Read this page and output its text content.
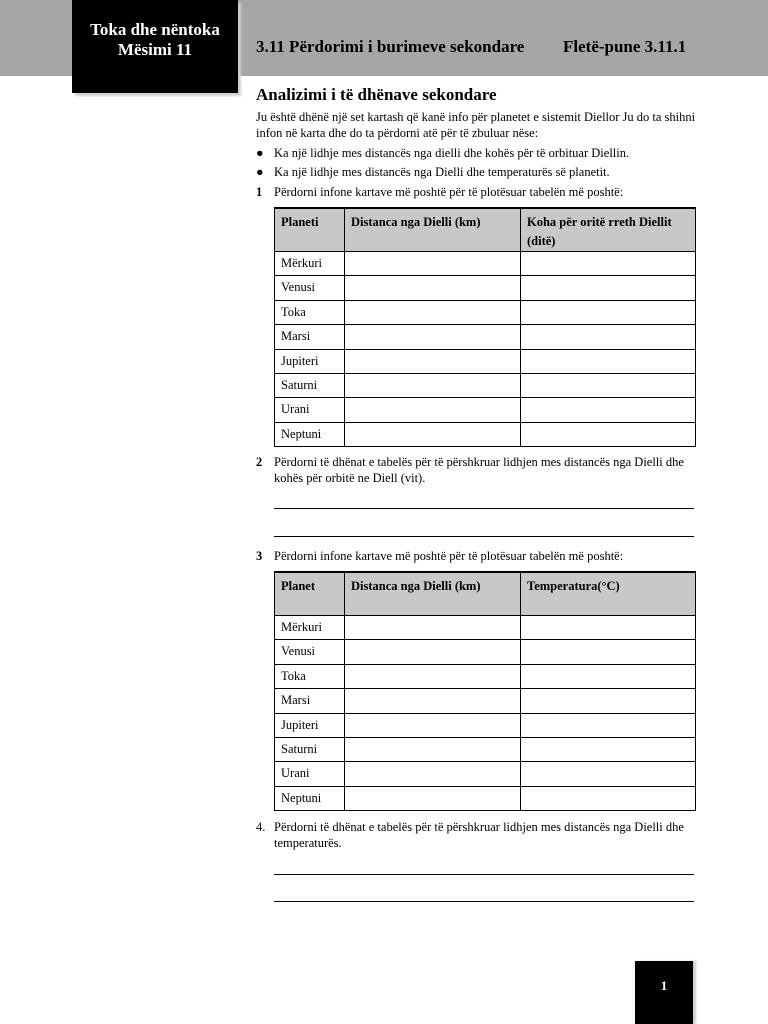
Toka dhe nëntoka
Mësimi 11	3.11 Përdorimi i burimeve sekondare Fletë-pune 3.11.1
Analizimi i të dhënave sekondare
Ju është dhënë një set kartash që kanë info për planetet e sistemit Diellor Ju do ta shihni infon në karta dhe do ta përdorni atë për të zbuluar nëse:
● Ka një lidhje mes distancës nga dielli dhe kohës për të orbituar Diellin.
● Ka një lidhje mes distancës nga Dielli dhe temperaturës së planetit.
1 Përdorni infone kartave më poshtë për të plotësuar tabelën më poshtë:
Planeti	Distanca nga Dielli (km)	Koha për oritë rreth Diellit (ditë)
Mërkuri		
Venusi		
Toka		
Marsi		
Jupiteri		
Saturni		
Urani		
Neptuni		
2 Përdorni të dhënat e tabelës për të përshkruar lidhjen mes distancës nga Dielli dhe kohës për orbitë ne Diell (vit).
3 Përdorni infone kartave më poshtë për të plotësuar tabelën më poshtë:
Planet	Distanca nga Dielli (km)	Temperatura(°C)
Mërkuri		
Venusi		
Toka		
Marsi		
Jupiteri		
Saturni		
Urani		
Neptuni		
4. Përdorni të dhënat e tabelës për të përshkruar lidhjen mes distancës nga Dielli dhe temperaturës.
1
